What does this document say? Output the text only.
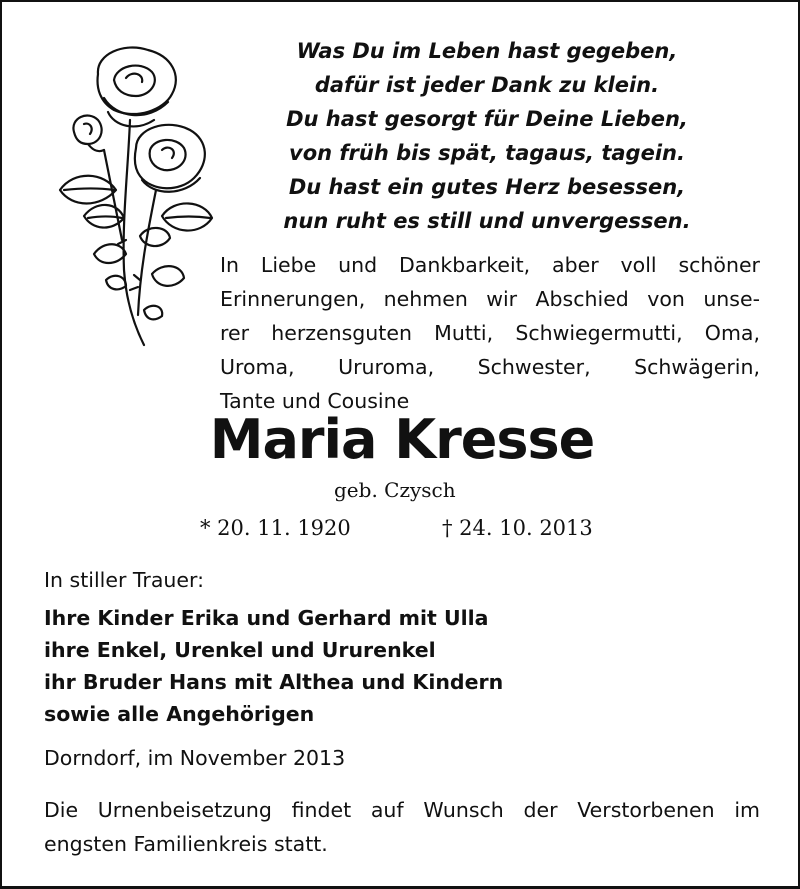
Was Du im Leben hast gegeben,
dafür ist jeder Dank zu klein.
Du hast gesorgt für Deine Lieben,
von früh bis spät, tagaus, tagein.
Du hast ein gutes Herz besessen,
nun ruht es still und unvergessen.
In Liebe und Dankbarkeit, aber voll schöner
Erinnerungen, nehmen wir Abschied von unse-
rer herzensguten Mutti, Schwiegermutti, Oma,
Uroma, Ururoma, Schwester, Schwägerin,
Tante und Cousine
Maria Kresse
geb. Czysch
* 20. 11. 1920	† 24. 10. 2013
In stiller Trauer:
Ihre Kinder Erika und Gerhard mit Ulla
ihre Enkel, Urenkel und Ururenkel
ihr Bruder Hans mit Althea und Kindern
sowie alle Angehörigen
Dorndorf, im November 2013
Die Urnenbeisetzung findet auf Wunsch der Verstorbenen im
engsten Familienkreis statt.
